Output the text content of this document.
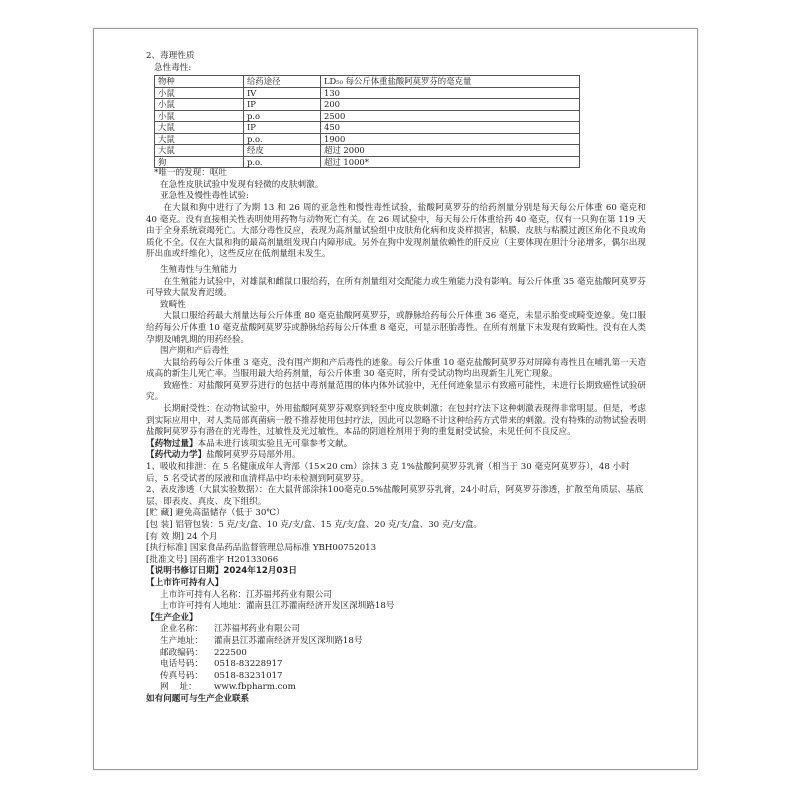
2、毒理性质

急性毒性:

物种	给药途径	LD₅₀ 每公斤体重盐酸阿莫罗芬的毫克量
小鼠	IV	130
小鼠	IP	200
小鼠	p.o	2500
大鼠	IP	450
大鼠	p.o.	1900
大鼠	经皮	超过 2000
狗	p.o.	超过 1000*

*唯一的发现：呕吐

在急性皮肤试验中发现有轻微的皮肤刺激。

亚急性及慢性毒性试验:

在大鼠和狗中进行了为期 13 和 26 周的亚急性和慢性毒性试验，盐酸阿莫罗芬的给药剂量分别是每天每公斤体重 60 毫克和 40 毫克。没有直接相关性表明使用药物与动物死亡有关。在 26 周试验中，每天每公斤体重给药 40 毫克，仅有一只狗在第 119 天由于全身系统衰竭死亡。大部分毒性反应，表现为高剂量试验组中皮肤角化病和皮炎样损害，粘膜、皮肤与粘膜过渡区角化不良或角质化不全。仅在大鼠和狗的最高剂量组发现白内障形成。另外在狗中发现剂量依赖性的肝反应（主要体现在胆汁分泌增多，偶尔出现肝出血或纤维化），这些反应在低剂量组未发生。

生殖毒性与生殖能力

在生殖能力试验中，对雄鼠和雌鼠口服给药，在所有剂量组对交配能力或生殖能力没有影响。每公斤体重 35 毫克盐酸阿莫罗芬可导致大鼠发育迟缓。

致畸性

大鼠口服给药最大剂量达每公斤体重 80 毫克盐酸阿莫罗芬，或静脉给药每公斤体重 36 毫克，未显示胎变或畸变迹象。兔口服给药每公斤体重 10 毫克盐酸阿莫罗芬或静脉给药每公斤体重 8 毫克，可显示胚胎毒性。在所有剂量下未发现有致畸性。没有在人类孕期及哺乳期的用药经验。

围产期和产后毒性

大鼠给药每公斤体重 3 毫克，没有围产期和产后毒性的迹象。每公斤体重 10 毫克盐酸阿莫罗芬对屏障有毒性且在哺乳第一天造成高的新生儿死亡率。当服用最大给药剂量，每公斤体重 30 毫克时，所有受试动物均出现新生儿死亡现象。

致癌性：对盐酸阿莫罗芬进行的包括中毒剂量范围的体内体外试验中，无任何迹象显示有致癌可能性，未进行长期致癌性试验研究。

长期耐受性：在动物试验中，外用盐酸阿莫罗芬观察到轻至中度皮肤刺激；在包封疗法下这种刺激表现得非常明显。但是，考虑到实际应用中，对人类局部真菌病一般不推荐使用包封疗法，因此可以忽略不计这种给药方式带来的刺激。没有特殊的动物试验表明盐酸阿莫罗芬有潜在的光毒性，过敏性及光过敏性。本品的阴道栓剂用于狗的重复耐受试验，未见任何不良反应。

【药物过量】本品未进行该项实验且无可靠参考文献。

【药代动力学】盐酸阿莫罗芬局部外用。

1、吸收和排泄：在 5 名健康成年人背部（15×20 cm）涂抹 3 克 1%盐酸阿莫罗芬乳膏（相当于 30 毫克阿莫罗芬），48 小时后，5 名受试者的尿液和血清样品中均未检测到阿莫罗芬。

2、表皮渗透（大鼠实验数据）：在大鼠背部涂抹100毫克0.5%盐酸阿莫罗芬乳膏，24小时后，阿莫罗芬渗透，扩散至角质层、基底层，即表皮、真皮、皮下组织。

[贮 藏] 避免高温储存（低于 30℃）

[包 装] 铝管包装：5 克/支/盒、10 克/支/盒、15 克/支/盒、20 克/支/盒、30 克/支/盒。

[有 效 期] 24 个月

[执行标准] 国家食品药品监督管理总局标准 YBH00752013

[批准文号] 国药准字 H20133066

【说明书修订日期】2024年12月03日

【上市许可持有人】

上市许可持有人名称：江苏福邦药业有限公司

上市许可持有人地址：灌南县江苏灌南经济开发区深圳路18号

【生产企业】

企业名称：	江苏福邦药业有限公司
生产地址：	灌南县江苏灌南经济开发区深圳路18号
邮政编码：	222500
电话号码：	0518-83228917
传真号码：	0518-83231017
网    址：	www.fbpharm.com

如有问题可与生产企业联系
